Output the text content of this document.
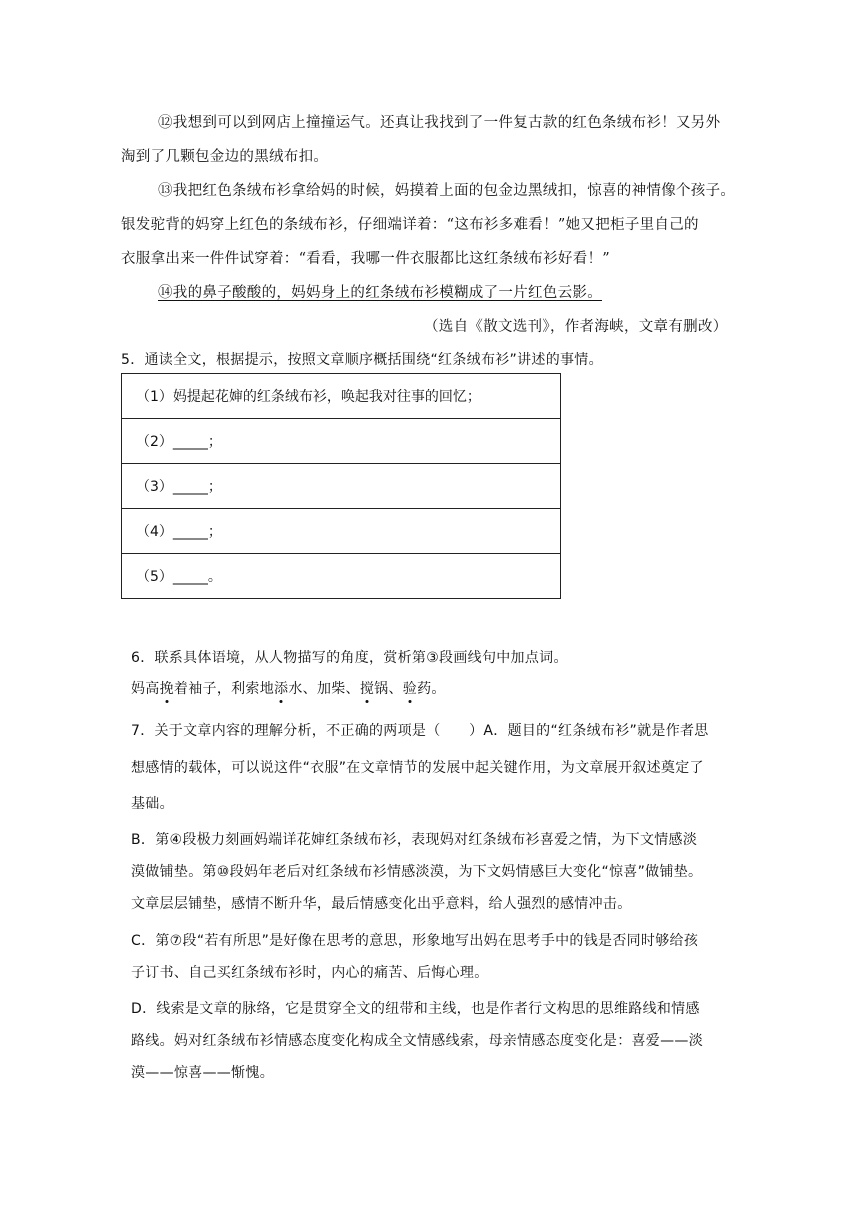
⑫我想到可以到网店上撞撞运气。还真让我找到了一件复古款的红色条绒布衫！又另外
淘到了几颗包金边的黑绒布扣。
⑬我把红色条绒布衫拿给妈的时候，妈摸着上面的包金边黑绒扣，惊喜的神情像个孩子。
银发驼背的妈穿上红色的条绒布衫，仔细端详着：“这布衫多难看！”她又把柜子里自己的
衣服拿出来一件件试穿着：“看看，我哪一件衣服都比这红条绒布衫好看！”
⑭我的鼻子酸酸的，妈妈身上的红条绒布衫模糊成了一片红色云影。
（选自《散文选刊》，作者海峡，文章有删改）
5．通读全文，根据提示，按照文章顺序概括围绕“红条绒布衫”讲述的事情。
（1）妈提起花婶的红条绒布衫，唤起我对往事的回忆；
（2）_____；
（3）_____；
（4）_____；
（5）_____。
6．联系具体语境，从人物描写的角度，赏析第③段画线句中加点词。
妈高挽着袖子，利索地添水、加柴、搅锅、验药。
7．关于文章内容的理解分析，不正确的两项是（　　）A．题目的“红条绒布衫”就是作者思
想感情的载体，可以说这件“衣服”在文章情节的发展中起关键作用，为文章展开叙述奠定了
基础。
B．第④段极力刻画妈端详花婶红条绒布衫，表现妈对红条绒布衫喜爱之情，为下文情感淡
漠做铺垫。第⑩段妈年老后对红条绒布衫情感淡漠，为下文妈情感巨大变化“惊喜”做铺垫。
文章层层铺垫，感情不断升华，最后情感变化出乎意料，给人强烈的感情冲击。
C．第⑦段“若有所思”是好像在思考的意思，形象地写出妈在思考手中的钱是否同时够给孩
子订书、自己买红条绒布衫时，内心的痛苦、后悔心理。
D．线索是文章的脉络，它是贯穿全文的纽带和主线，也是作者行文构思的思维路线和情感
路线。妈对红条绒布衫情感态度变化构成全文情感线索，母亲情感态度变化是：喜爱——淡
漠——惊喜——惭愧。
